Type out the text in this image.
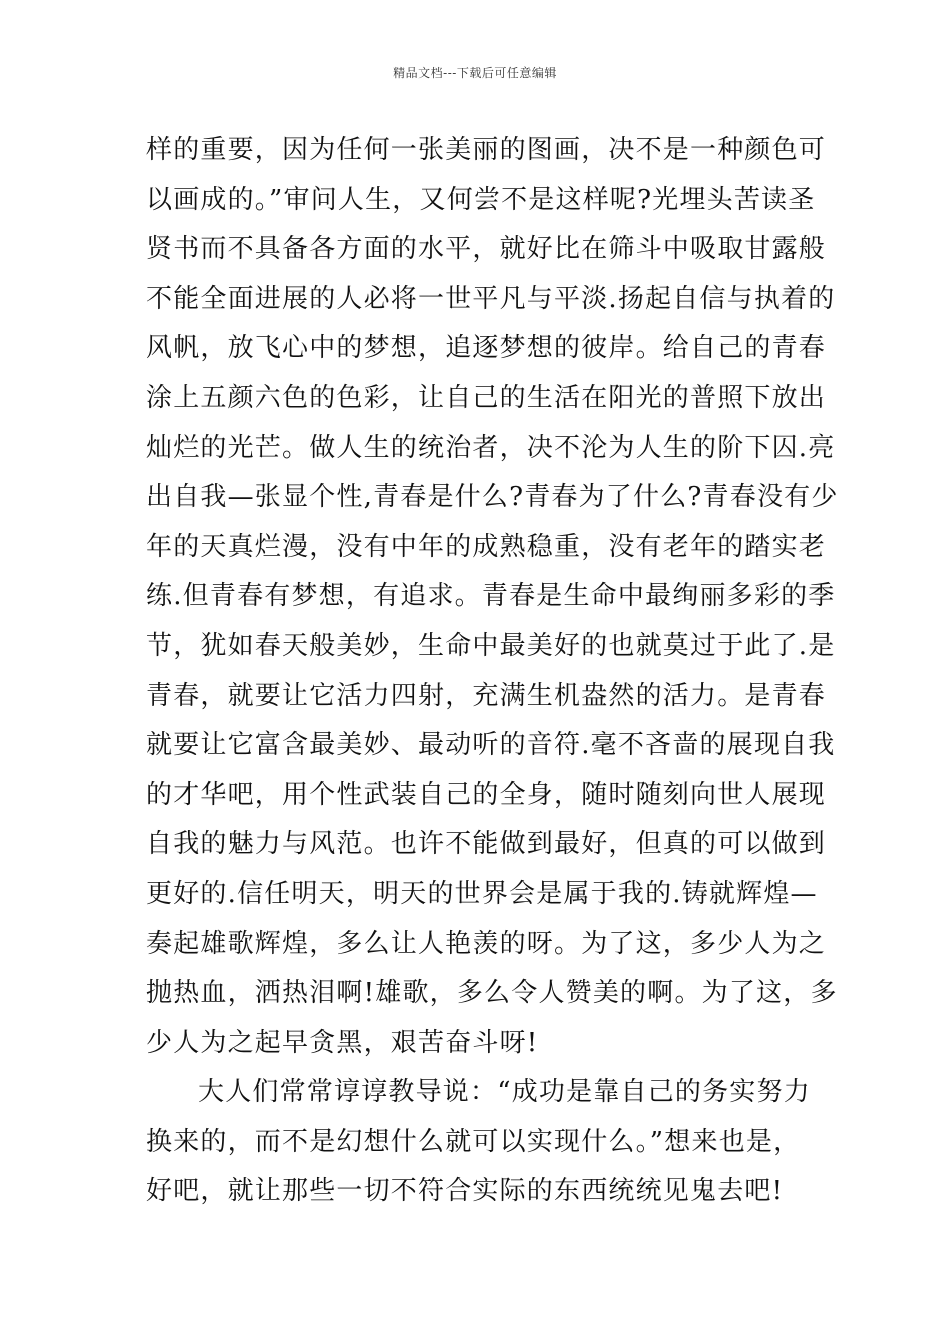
精品文档---下载后可任意编辑
样的重要，因为任何一张美丽的图画，决不是一种颜色可
以画成的。”审问人生，又何尝不是这样呢?光埋头苦读圣
贤书而不具备各方面的水平，就好比在筛斗中吸取甘露般
不能全面进展的人必将一世平凡与平淡.扬起自信与执着的
风帆，放飞心中的梦想，追逐梦想的彼岸。给自己的青春
涂上五颜六色的色彩，让自己的生活在阳光的普照下放出
灿烂的光芒。做人生的统治者，决不沦为人生的阶下囚.亮
出自我—张显个性,青春是什么?青春为了什么?青春没有少
年的天真烂漫，没有中年的成熟稳重，没有老年的踏实老
练.但青春有梦想，有追求。青春是生命中最绚丽多彩的季
节，犹如春天般美妙，生命中最美好的也就莫过于此了.是
青春，就要让它活力四射，充满生机盎然的活力。是青春
就要让它富含最美妙、最动听的音符.毫不吝啬的展现自我
的才华吧，用个性武装自己的全身，随时随刻向世人展现
自我的魅力与风范。也许不能做到最好，但真的可以做到
更好的.信任明天，明天的世界会是属于我的.铸就辉煌—
奏起雄歌辉煌，多么让人艳羡的呀。为了这，多少人为之
抛热血，洒热泪啊!雄歌，多么令人赞美的啊。为了这，多
少人为之起早贪黑，艰苦奋斗呀!
大人们常常谆谆教导说：“成功是靠自己的务实努力
换来的，而不是幻想什么就可以实现什么。”想来也是，
好吧，就让那些一切不符合实际的东西统统见鬼去吧!
